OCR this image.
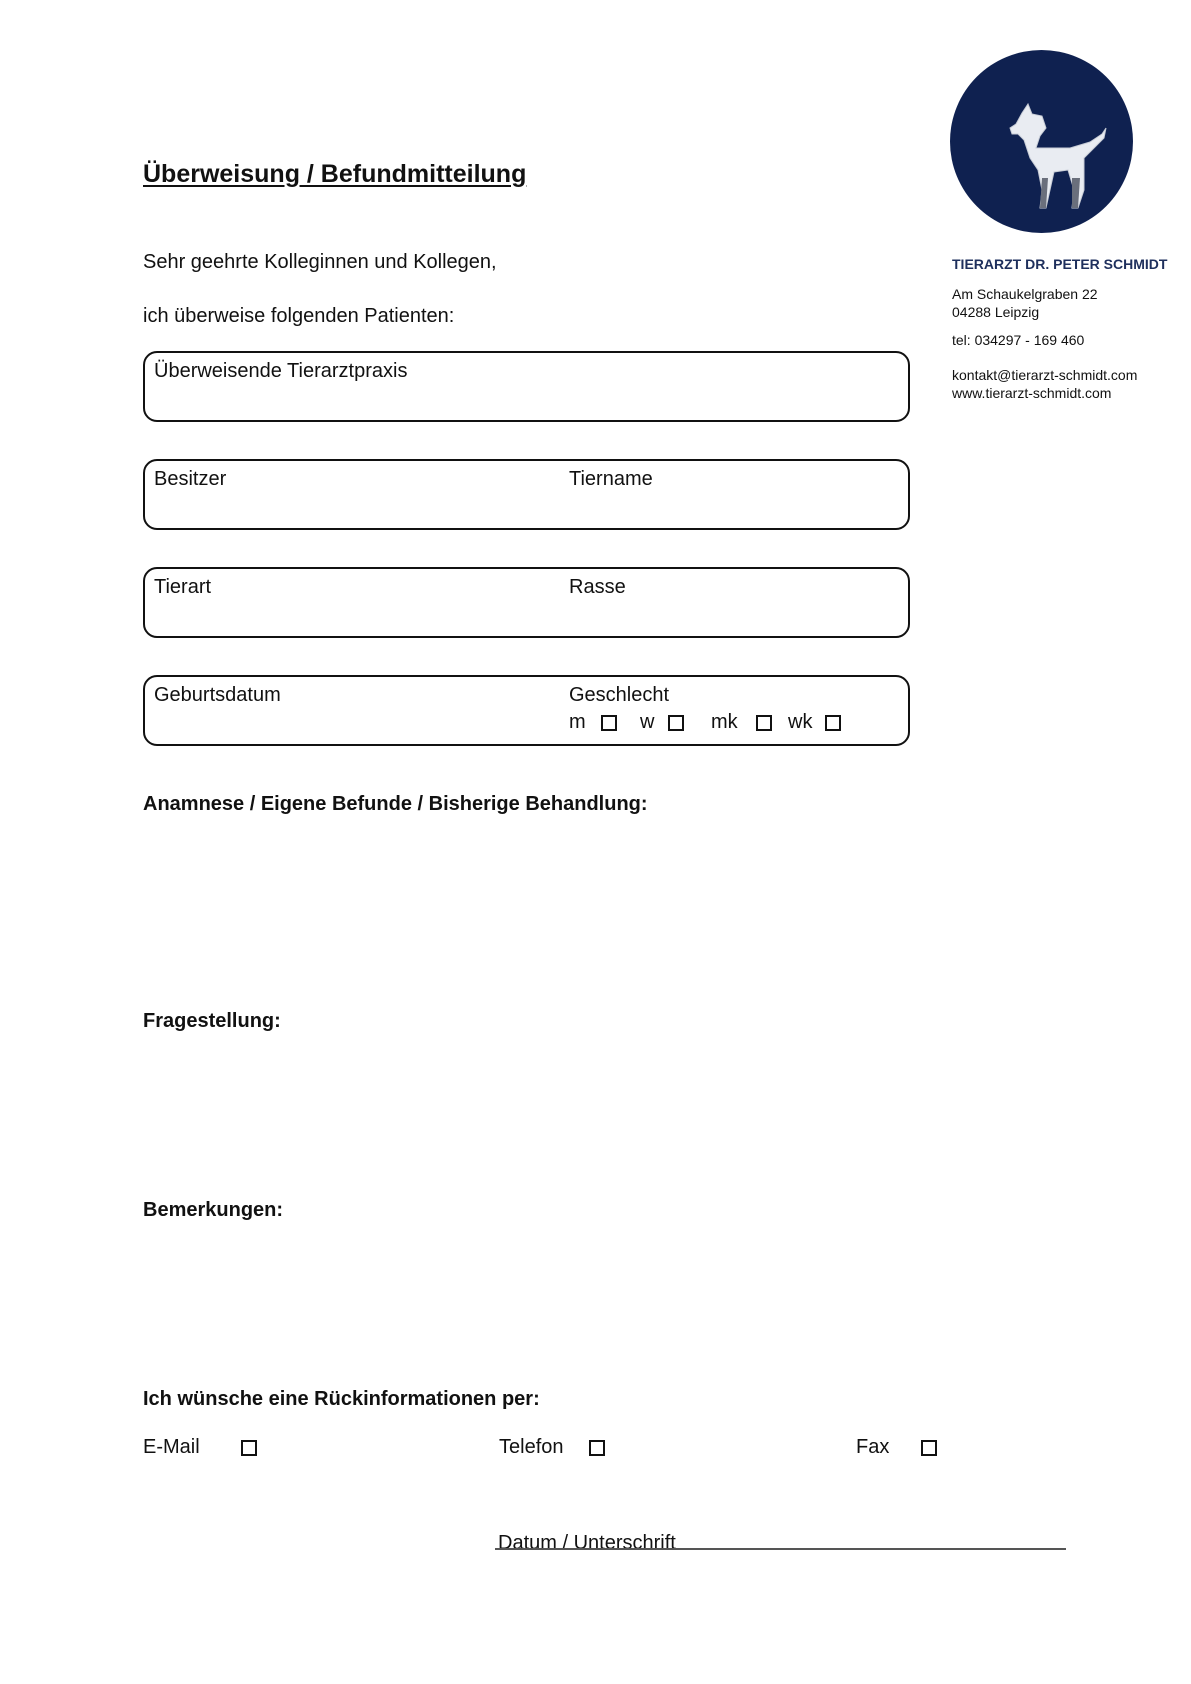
Überweisung / Befundmitteilung
TIERARZT DR. PETER SCHMIDT
Am Schaukelgraben 22
04288 Leipzig
tel: 034297 - 169 460
kontakt@tierarzt-schmidt.com
www.tierarzt-schmidt.com
Sehr geehrte Kolleginnen und Kollegen,
ich überweise folgenden Patienten:
Überweisende Tierarztpraxis
Besitzer	Tiername
Tierart	Rasse
Geburtsdatum	Geschlecht
m	w	mk	wk
Anamnese / Eigene Befunde / Bisherige Behandlung:
Fragestellung:
Bemerkungen:
Ich wünsche eine Rückinformationen per:
E-Mail	Telefon	Fax
Datum / Unterschrift
